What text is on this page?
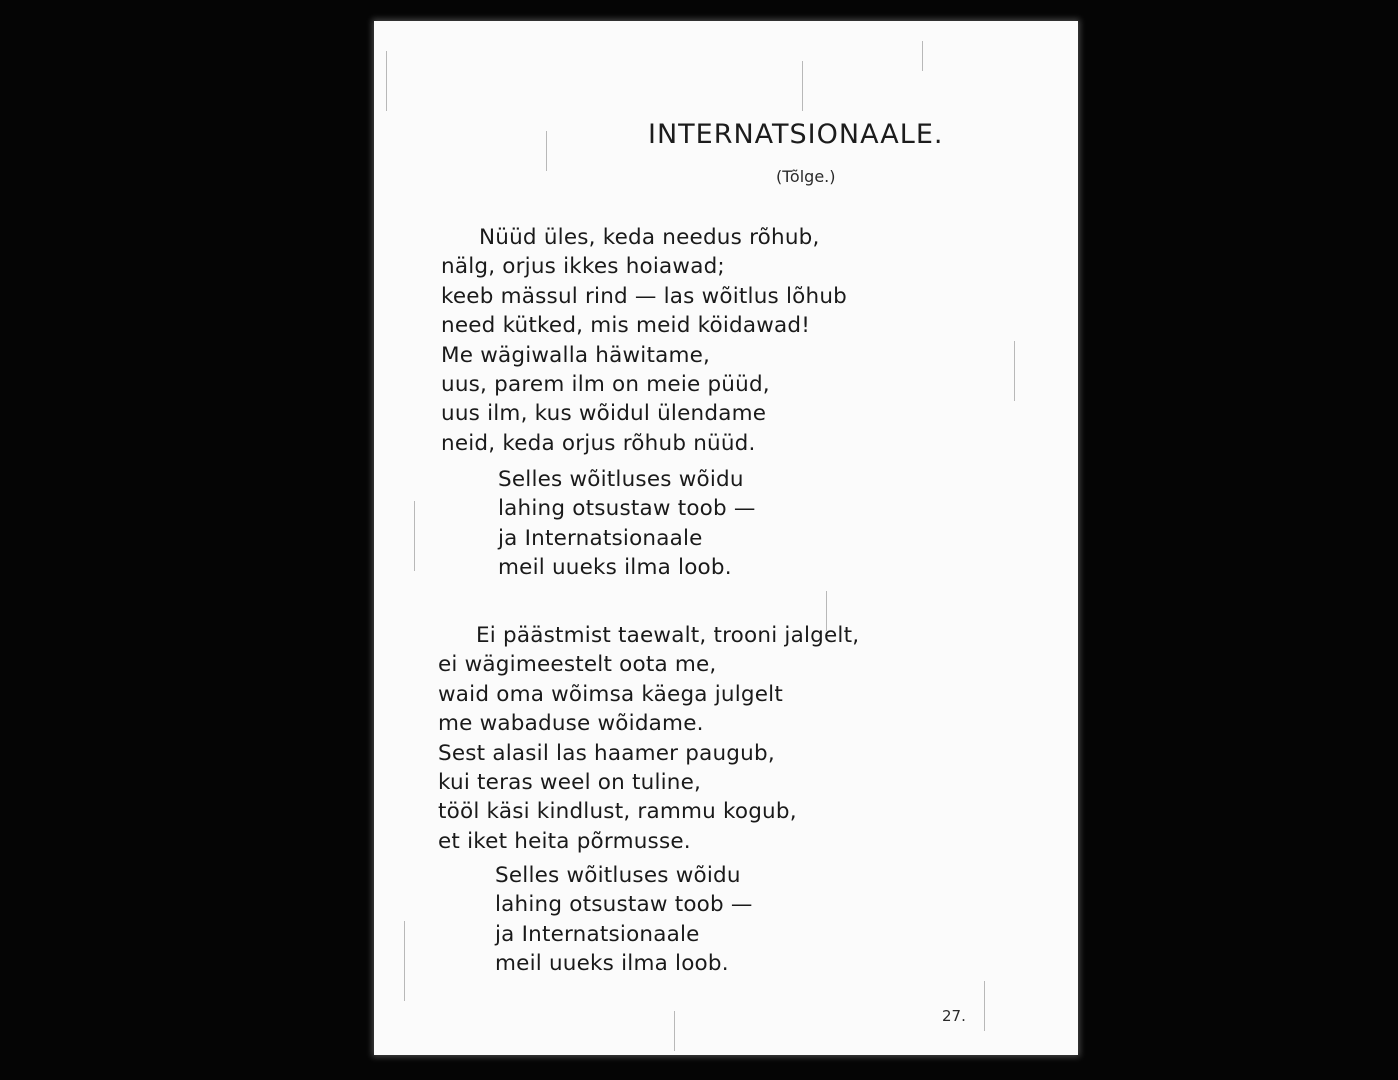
INTERNATSIONAALE.
(Tõlge.)
Nüüd üles, keda needus rõhub,
nälg, orjus ikkes hoiawad;
keeb mässul rind — las wõitlus lõhub
need kütked, mis meid köidawad!
Me wägiwalla häwitame,
uus, parem ilm on meie püüd,
uus ilm, kus wõidul ülendame
neid, keda orjus rõhub nüüd.
Selles wõitluses wõidu
lahing otsustaw toob —
ja Internatsionaale
meil uueks ilma loob.
Ei päästmist taewalt, trooni jalgelt,
ei wägimeestelt oota me,
waid oma wõimsa käega julgelt
me wabaduse wõidame.
Sest alasil las haamer paugub,
kui teras weel on tuline,
tööl käsi kindlust, rammu kogub,
et iket heita põrmusse.
Selles wõitluses wõidu
lahing otsustaw toob —
ja Internatsionaale
meil uueks ilma loob.
27.
